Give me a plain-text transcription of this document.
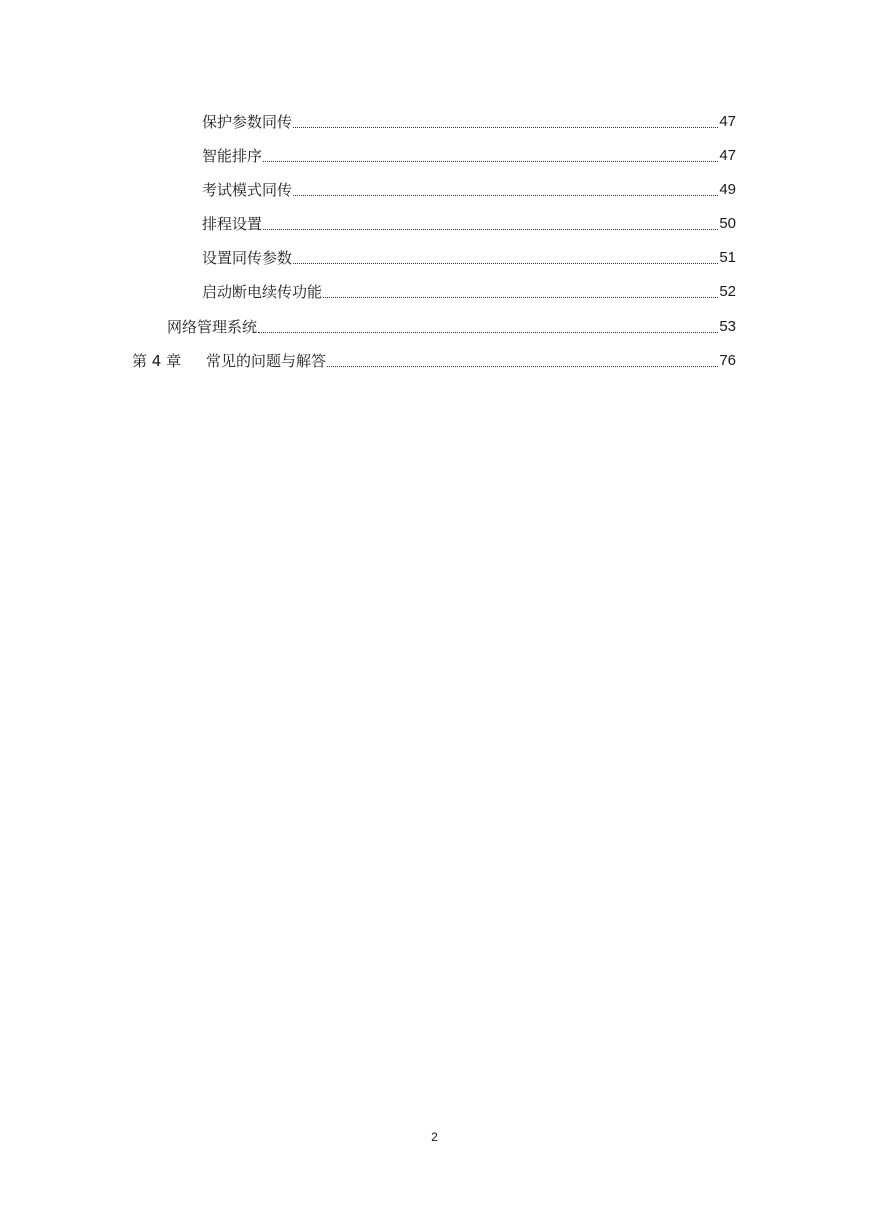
保护参数同传	47
智能排序	47
考试模式同传	49
排程设置	50
设置同传参数	51
启动断电续传功能	52
网络管理系统	53
第 4 章	常见的问题与解答	76
2
